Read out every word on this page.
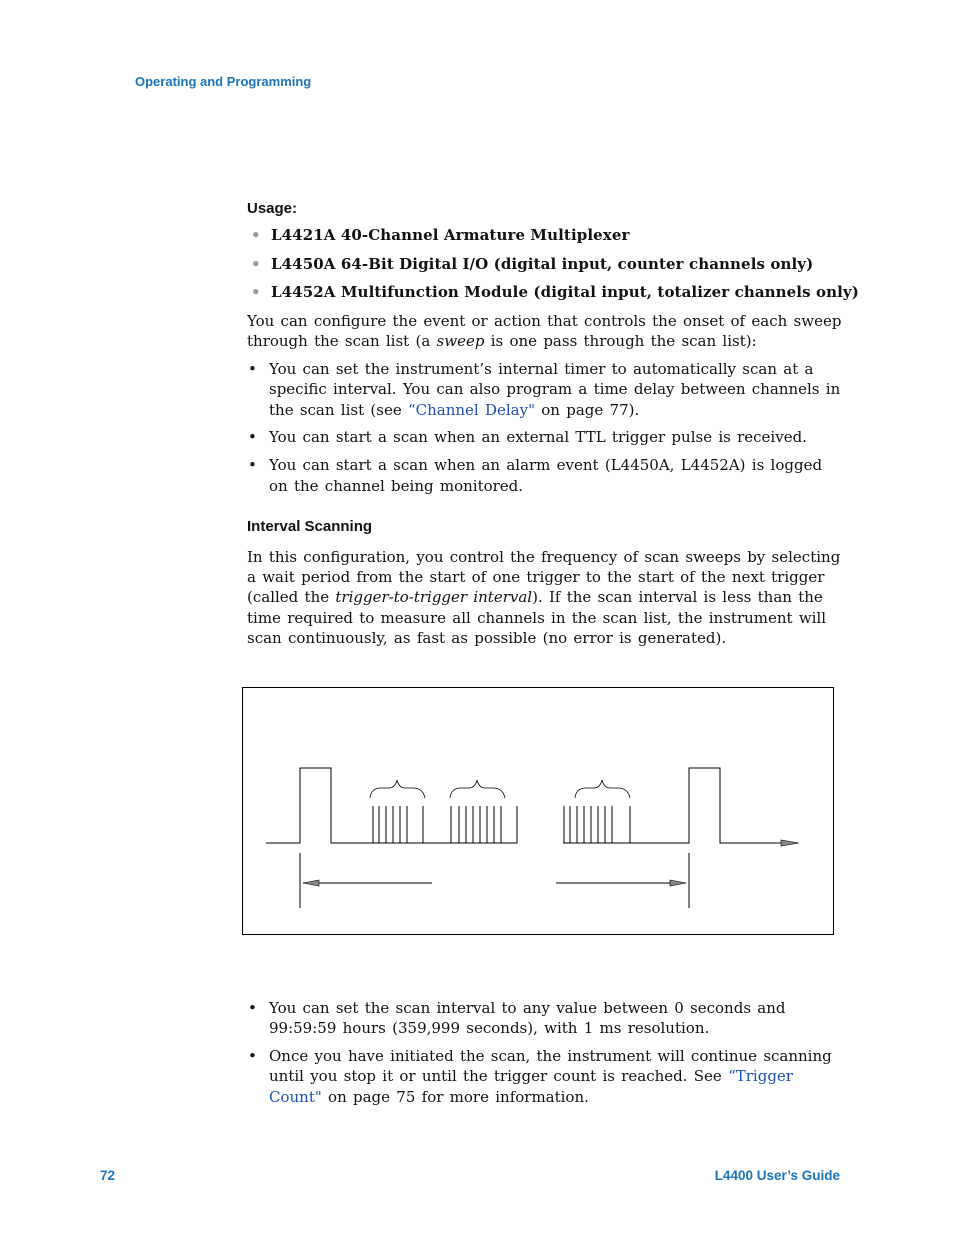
Operating and Programming
Usage:
• L4421A 40-Channel Armature Multiplexer
• L4450A 64-Bit Digital I/O (digital input, counter channels only)
• L4452A Multifunction Module (digital input, totalizer channels only)

You can configure the event or action that controls the onset of each sweep through the scan list (a sweep is one pass through the scan list):

• You can set the instrument’s internal timer to automatically scan at a specific interval. You can also program a time delay between channels in the scan list (see “Channel Delay" on page 77).
• You can start a scan when an external TTL trigger pulse is received.
• You can start a scan when an alarm event (L4450A, L4452A) is logged on the channel being monitored.
Interval Scanning

In this configuration, you control the frequency of scan sweeps by selecting a wait period from the start of one trigger to the start of the next trigger (called the trigger-to-trigger interval). If the scan interval is less than the time required to measure all channels in the scan list, the instrument will scan continuously, as fast as possible (no error is generated).

• You can set the scan interval to any value between 0 seconds and 99:59:59 hours (359,999 seconds), with 1 ms resolution.
• Once you have initiated the scan, the instrument will continue scanning until you stop it or until the trigger count is reached. See “Trigger Count" on page 75 for more information.
72	L4400 User’s Guide
